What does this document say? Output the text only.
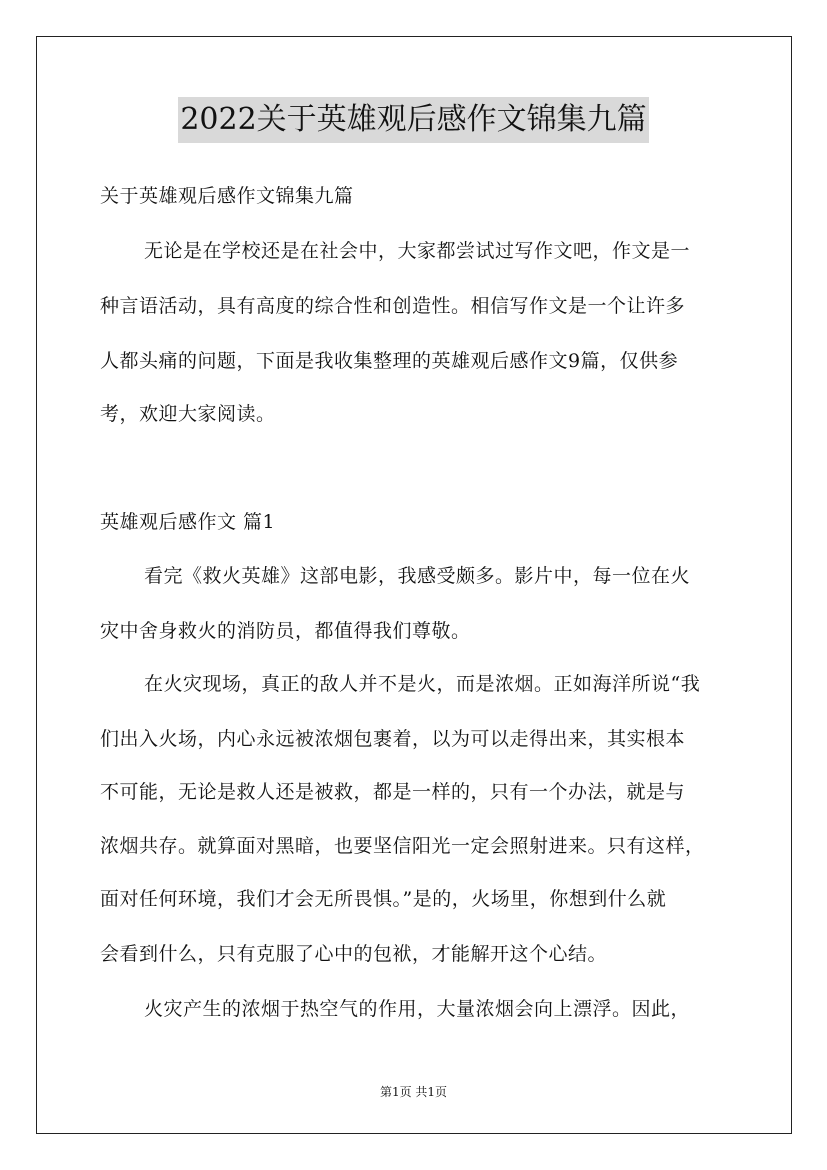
2022关于英雄观后感作文锦集九篇
关于英雄观后感作文锦集九篇
无论是在学校还是在社会中，大家都尝试过写作文吧，作文是一
种言语活动，具有高度的综合性和创造性。相信写作文是一个让许多
人都头痛的问题，下面是我收集整理的英雄观后感作文9篇，仅供参
考，欢迎大家阅读。
英雄观后感作文 篇1
看完《救火英雄》这部电影，我感受颇多。影片中，每一位在火
灾中舍身救火的消防员，都值得我们尊敬。
在火灾现场，真正的敌人并不是火，而是浓烟。正如海洋所说“我
们出入火场，内心永远被浓烟包裹着，以为可以走得出来，其实根本
不可能，无论是救人还是被救，都是一样的，只有一个办法，就是与
浓烟共存。就算面对黑暗，也要坚信阳光一定会照射进来。只有这样，
面对任何环境，我们才会无所畏惧。”是的，火场里，你想到什么就
会看到什么，只有克服了心中的包袱，才能解开这个心结。
火灾产生的浓烟于热空气的作用，大量浓烟会向上漂浮。因此，
第1页 共1页
